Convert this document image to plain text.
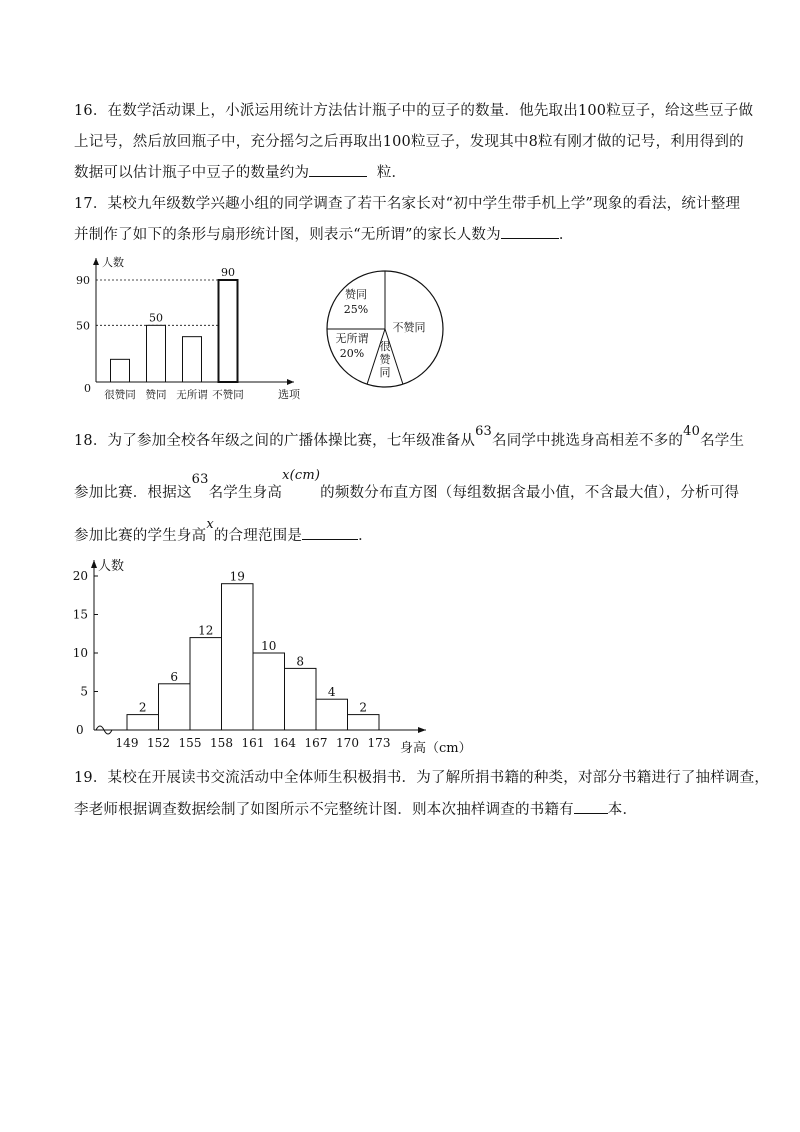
16．在数学活动课上，小派运用统计方法估计瓶子中的豆子的数量．他先取出100粒豆子，给这些豆子做
上记号，然后放回瓶子中，充分摇匀之后再取出100粒豆子，发现其中8粒有刚才做的记号，利用得到的
数据可以估计瓶子中豆子的数量约为	粒．
17．某校九年级数学兴趣小组的同学调查了若干名家长对“初中学生带手机上学”现象的看法，统计整理
并制作了如下的条形与扇形统计图，则表示“无所谓”的家长人数为	．
人数
选项
0
90
50
很赞同
50
赞同 无所谓
90
不赞同
不赞同
很
赞
同
无所谓
20%
赞同
25%
18．为了参加全校各年级之间的广播体操比赛，七年级准备从$^{63}$名同学中挑选身高相差不多的$^{40}$名学生
参加比赛．根据这$^{63}$名学生身高$^{x(cm)}$的频数分布直方图（每组数据含最小值，不含最大值），分析可得
参加比赛的学生身高$^x$的合理范围是	．
人数
身高（cm）
0
20
15
10
5
149 152 155 158 161 164 167 170 173
2
6
12
19
10
8
4
2
19．某校在开展读书交流活动中全体师生积极捐书．为了解所捐书籍的种类，对部分书籍进行了抽样调查，
李老师根据调查数据绘制了如图所示不完整统计图．则本次抽样调查的书籍有 本．
